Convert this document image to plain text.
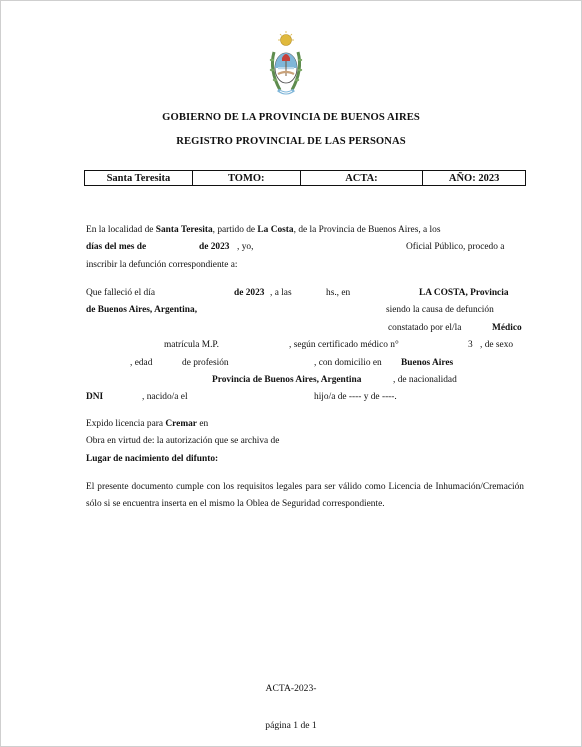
GOBIERNO DE LA PROVINCIA DE BUENOS AIRES
REGISTRO PROVINCIAL DE LAS PERSONAS
Santa Teresita	TOMO:	ACTA:	AÑO: 2023
En la localidad de Santa Teresita, partido de La Costa, de la Provincia de Buenos Aires, a los
días del mes de	de 2023 , yo,	Oficial Público, procedo a
inscribir la defunción correspondiente a:
Que falleció el día	de 2023 , a las	hs., en	LA COSTA, Provincia
de Buenos Aires, Argentina,	siendo la causa de defunción
constatado por el/la	Médico
matrícula M.P.	, según certificado médico n°	3 , de sexo
, edad	de profesión	, con domicilio en Buenos Aires
Provincia de Buenos Aires, Argentina	, de nacionalidad
DNI	, nacido/a el	hijo/a de ---- y de ----.
Expido licencia para Cremar en
Obra en virtud de: la autorización que se archiva de
Lugar de nacimiento del difunto:
El presente documento cumple con los requisitos legales para ser válido como Licencia de Inhumación/Cremación sólo si se encuentra inserta en el mismo la Oblea de Seguridad correspondiente.
ACTA-2023-
página 1 de 1
